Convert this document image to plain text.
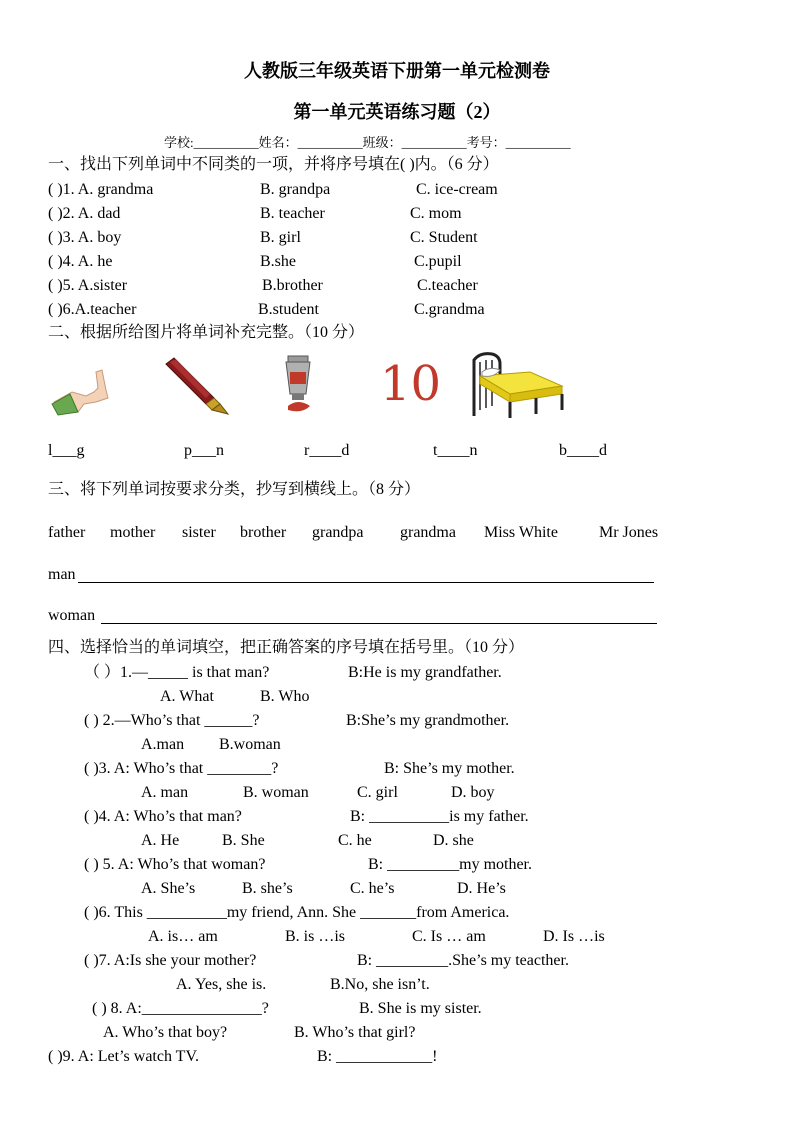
人教版三年级英语下册第一单元检测卷
第一单元英语练习题（2）
学校:__________姓名：__________班级：__________考号：__________
一、找出下列单词中不同类的一项，并将序号填在( )内。（6 分）
( )1. A. grandma	B. grandpa	C. ice-cream
( )2. A. dad	B. teacher	C. mom
( )3. A. boy	B. girl	C. Student
( )4. A. he	B.she	C.pupil
( )5. A.sister	B.brother	C.teacher
( )6.A.teacher	B.student	C.grandma
二、根据所给图片将单词补充完整。（10 分）
10
l___g	p___n	r____d	t____n	b____d
三、将下列单词按要求分类，抄写到横线上。（8 分）
father mother sister brother grandpa grandma Miss White	Mr Jones
man
woman
四、选择恰当的单词填空，把正确答案的序号填在括号里。（10 分）
（ ）1.—_____ is that man?	B:He is my grandfather.
A. What	B. Who
( ) 2.—Who’s that ______?	B:She’s my grandmother.
A.man B.woman
( )3. A: Who’s that ________?	B: She’s my mother.
A. man	B. woman	C. girl	D. boy
( )4. A: Who’s that man?	B: __________is my father.
A. He	B. She	C. he	D. she
( ) 5. A: Who’s that woman?	B: _________my mother.
A. She’s	B. she’s	C. he’s	D. He’s
( )6. This __________my friend, Ann. She _______from America.
A. is… am	B. is …is	C. Is … am	D. Is …is
( )7. A:Is she your mother?	B: _________.She’s my teacther.
A. Yes, she is.	B.No, she isn’t.
( ) 8. A:_______________?	B. She is my sister.
A. Who’s that boy?	B. Who’s that girl?
( )9. A: Let’s watch TV.	B: ____________!
